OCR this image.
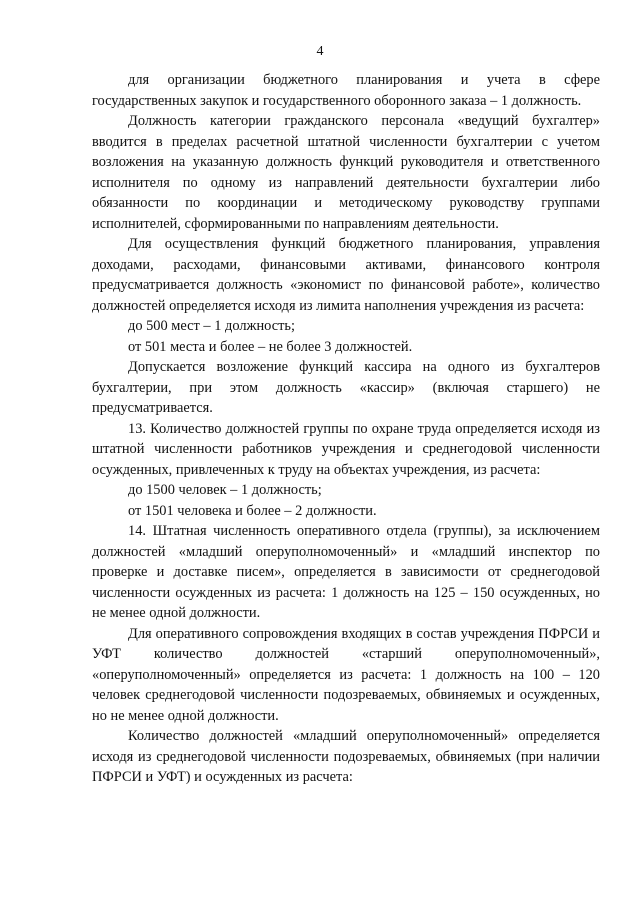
4

для организации бюджетного планирования и учета в сфере государственных закупок и государственного оборонного заказа – 1 должность.

Должность категории гражданского персонала «ведущий бухгалтер» вводится в пределах расчетной штатной численности бухгалтерии с учетом возложения на указанную должность функций руководителя и ответственного исполнителя по одному из направлений деятельности бухгалтерии либо обязанности по координации и методическому руководству группами исполнителей, сформированными по направлениям деятельности.

Для осуществления функций бюджетного планирования, управления доходами, расходами, финансовыми активами, финансового контроля предусматривается должность «экономист по финансовой работе», количество должностей определяется исходя из лимита наполнения учреждения из расчета:

до 500 мест – 1 должность;

от 501 места и более – не более 3 должностей.

Допускается возложение функций кассира на одного из бухгалтеров бухгалтерии, при этом должность «кассир» (включая старшего) не предусматривается.

13. Количество должностей группы по охране труда определяется исходя из штатной численности работников учреждения и среднегодовой численности осужденных, привлеченных к труду на объектах учреждения, из расчета:

до 1500 человек – 1 должность;

от 1501 человека и более – 2 должности.

14. Штатная численность оперативного отдела (группы), за исключением должностей «младший оперуполномоченный» и «младший инспектор по проверке и доставке писем», определяется в зависимости от среднегодовой численности осужденных из расчета: 1 должность на 125 – 150 осужденных, но не менее одной должности.

Для оперативного сопровождения входящих в состав учреждения ПФРСИ и УФТ количество должностей «старший оперуполномоченный», «оперуполномоченный» определяется из расчета: 1 должность на 100 – 120 человек среднегодовой численности подозреваемых, обвиняемых и осужденных, но не менее одной должности.

Количество должностей «младший оперуполномоченный» определяется исходя из среднегодовой численности подозреваемых, обвиняемых (при наличии ПФРСИ и УФТ) и осужденных из расчета:
